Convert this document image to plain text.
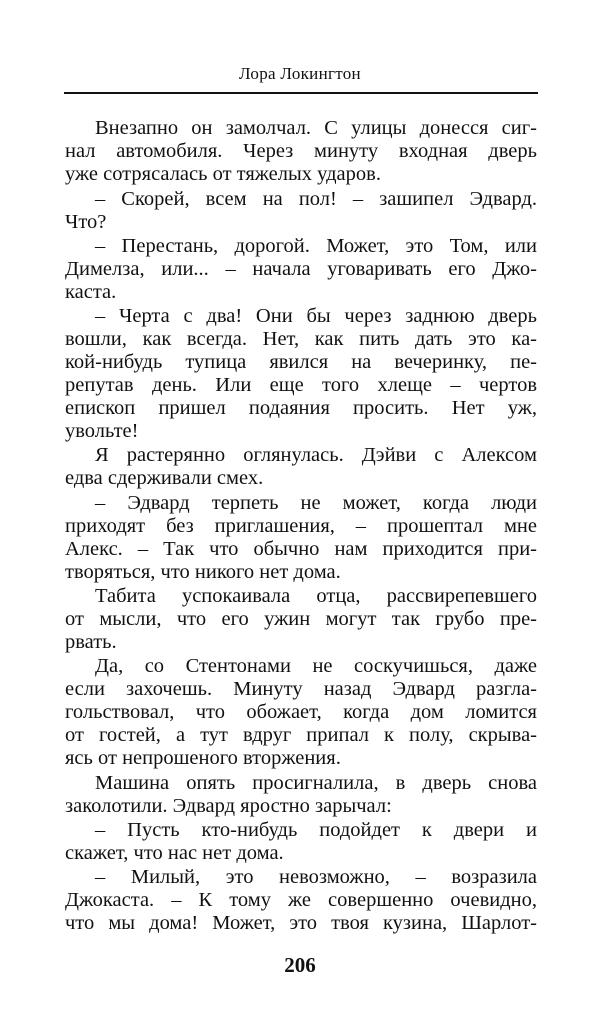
Лора Локингтон
Внезапно он замолчал. С улицы донесся сиг-
нал автомобиля. Через минуту входная дверь
уже сотрясалась от тяжелых ударов.
– Скорей, всем на пол! – зашипел Эдвард.
Что?
– Перестань, дорогой. Может, это Том, или
Димелза, или... – начала уговаривать его Джо-
каста.
– Черта с два! Они бы через заднюю дверь
вошли, как всегда. Нет, как пить дать это ка-
кой-нибудь тупица явился на вечеринку, пе-
репутав день. Или еще того хлеще – чертов
епископ пришел подаяния просить. Нет уж,
увольте!
Я растерянно оглянулась. Дэйви с Алексом
едва сдерживали смех.
– Эдвард терпеть не может, когда люди
приходят без приглашения, – прошептал мне
Алекс. – Так что обычно нам приходится при-
творяться, что никого нет дома.
Табита успокаивала отца, рассвирепевшего
от мысли, что его ужин могут так грубо пре-
рвать.
Да, со Стентонами не соскучишься, даже
если захочешь. Минуту назад Эдвард разгла-
гольствовал, что обожает, когда дом ломится
от гостей, а тут вдруг припал к полу, скрыва-
ясь от непрошеного вторжения.
Машина опять просигналила, в дверь снова
заколотили. Эдвард яростно зарычал:
– Пусть кто-нибудь подойдет к двери и
скажет, что нас нет дома.
– Милый, это невозможно, – возразила
Джокаста. – К тому же совершенно очевидно,
что мы дома! Может, это твоя кузина, Шарлот-
206
